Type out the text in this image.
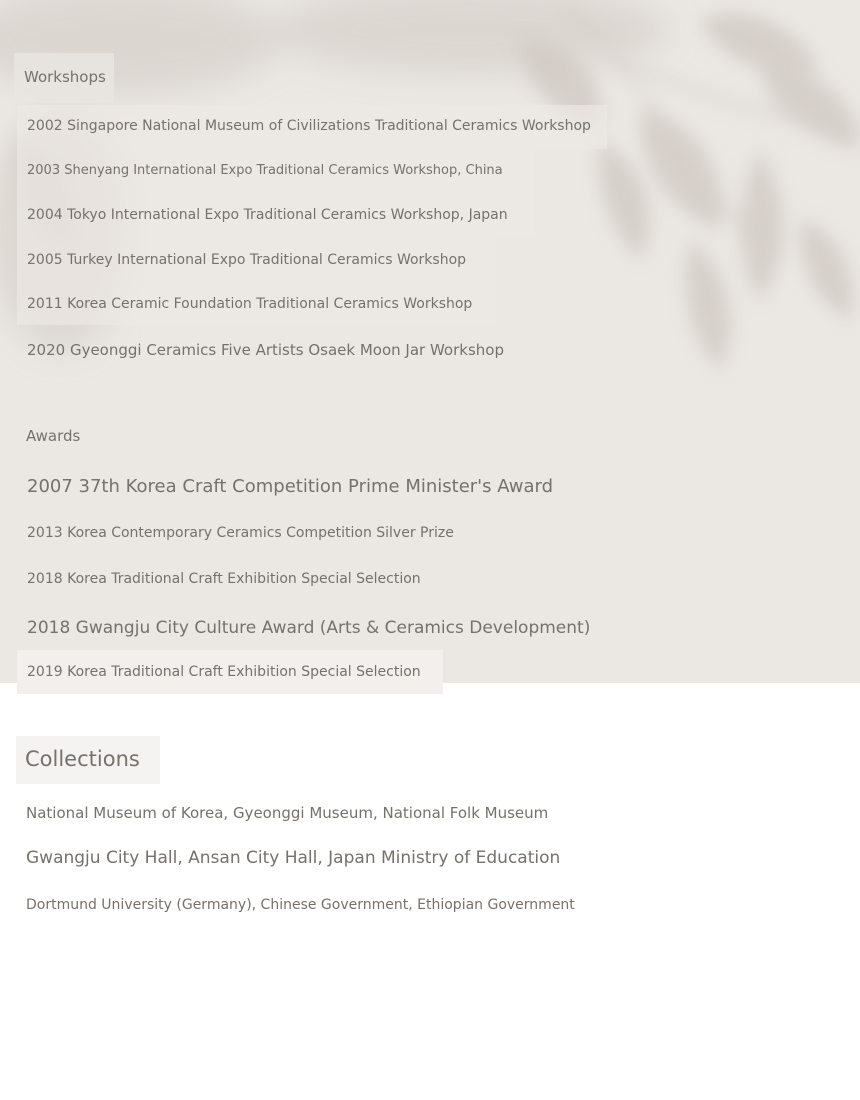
Workshops
2002 Singapore National Museum of Civilizations Traditional Ceramics Workshop
2003 Shenyang International Expo Traditional Ceramics Workshop, China
2004 Tokyo International Expo Traditional Ceramics Workshop, Japan
2005 Turkey International Expo Traditional Ceramics Workshop
2011 Korea Ceramic Foundation Traditional Ceramics Workshop
2020 Gyeonggi Ceramics Five Artists Osaek Moon Jar Workshop
Awards
2007 37th Korea Craft Competition Prime Minister's Award
2013 Korea Contemporary Ceramics Competition Silver Prize
2018 Korea Traditional Craft Exhibition Special Selection
2018 Gwangju City Culture Award (Arts & Ceramics Development)
2019 Korea Traditional Craft Exhibition Special Selection
Collections
National Museum of Korea, Gyeonggi Museum, National Folk Museum
Gwangju City Hall, Ansan City Hall, Japan Ministry of Education
Dortmund University (Germany), Chinese Government, Ethiopian Government
